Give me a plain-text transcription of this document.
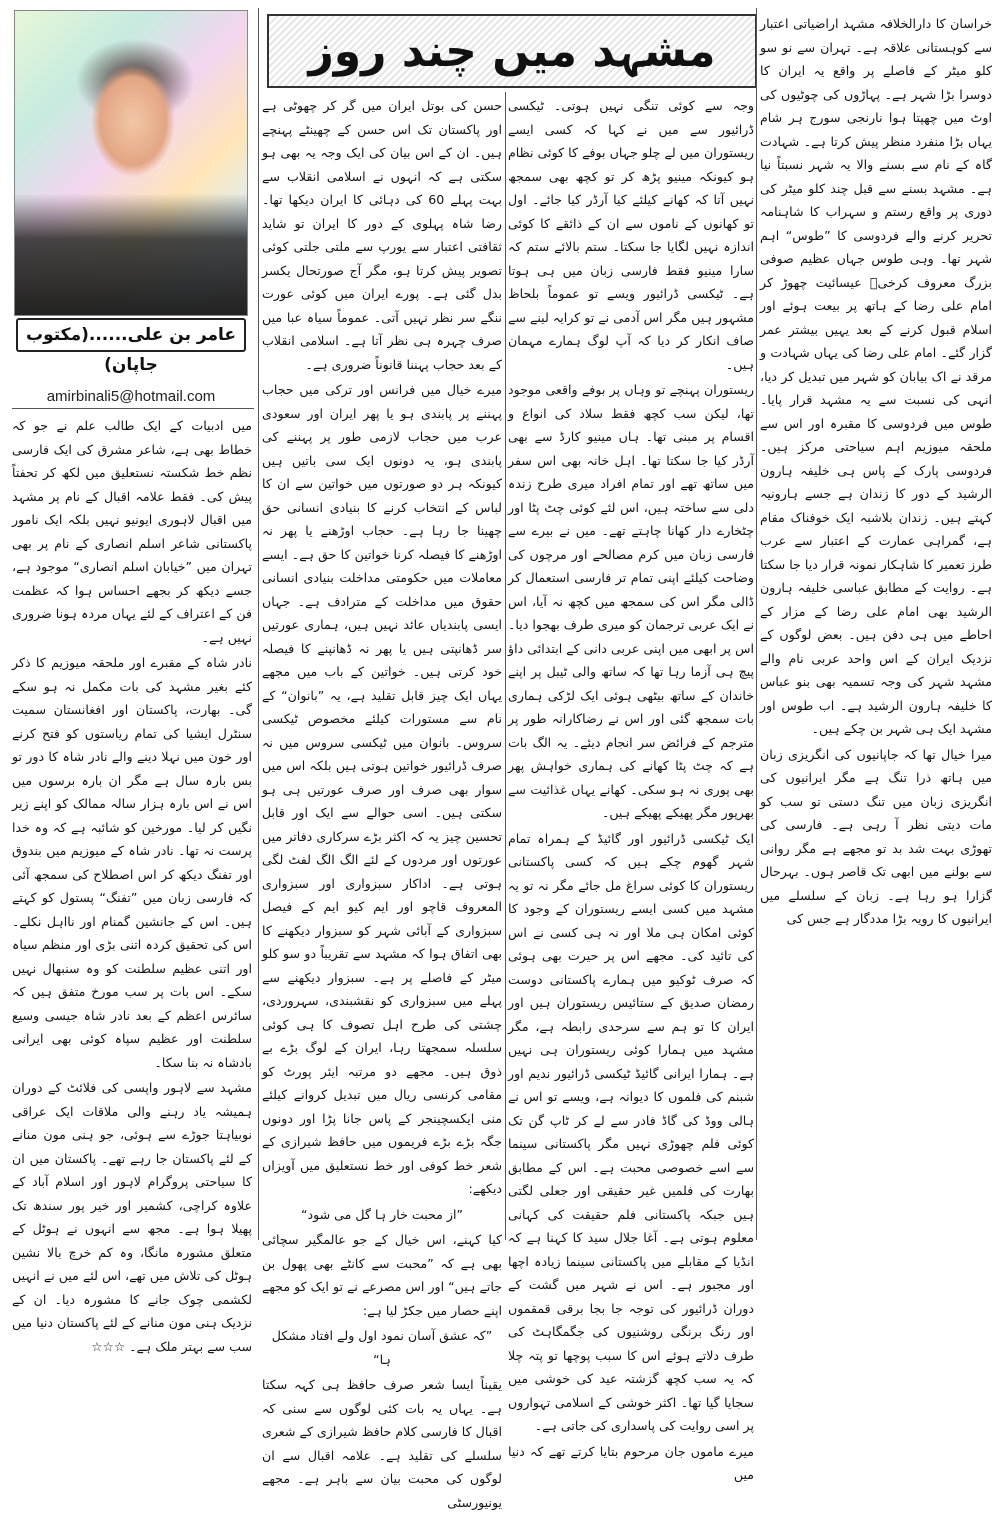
مشہد میں چند روز
عامر بن علی......(مکتوب جاپان)
amirbinali5@hotmail.com

خراسان کا دارالخلافہ مشہد اراضیاتی اعتبار سے کوہستانی علاقہ ہے۔ تہران سے نو سو کلو میٹر کے فاصلے پر واقع یہ ایران کا دوسرا بڑا شہر ہے۔ پہاڑوں کی چوٹیوں کی اوٹ میں چھپتا ہوا نارنجی سورج ہر شام یہاں بڑا منفرد منظر پیش کرتا ہے۔ شہادت گاہ کے نام سے بسنے والا یہ شہر نسبتاً نیا ہے۔ مشہد بسنے سے قبل چند کلو میٹر کی دوری پر واقع رستم و سہراب کا شاہنامہ تحریر کرنے والے فردوسی کا ”طوس“ اہم شہر تھا۔ وہی طوس جہاں عظیم صوفی بزرگ معروف کرخیؒ عیسائیت چھوڑ کر امام علی رضا کے ہاتھ پر بیعت ہوئے اور اسلام قبول کرنے کے بعد یہیں بیشتر عمر گزار گئے۔ امام علی رضا کی یہاں شہادت و مرقد نے اک بیابان کو شہر میں تبدیل کر دیا، انہی کی نسبت سے یہ مشہد قرار پایا۔ طوس میں فردوسی کا مقبرہ اور اس سے ملحقہ میوزیم اہم سیاحتی مرکز ہیں۔ فردوسی پارک کے پاس ہی خلیفہ ہارون الرشید کے دور کا زندان ہے جسے ہارونیہ کہتے ہیں۔ زندان بلاشبہ ایک خوفناک مقام ہے، گمراہی عمارت کے اعتبار سے عرب طرز تعمیر کا شاہکار نمونہ قرار دیا جا سکتا ہے۔ روایت کے مطابق عباسی خلیفہ ہارون الرشید بھی امام علی رضا کے مزار کے احاطے میں ہی دفن ہیں۔ بعض لوگوں کے نزدیک ایران کے اس واحد عربی نام والے مشہد شہر کی وجہ تسمیہ بھی بنو عباس کا خلیفہ ہارون الرشید ہے۔ اب طوس اور مشہد ایک ہی شہر بن چکے ہیں۔

میرا خیال تھا کہ جاپانیوں کی انگریزی زبان میں ہاتھ ذرا تنگ ہے مگر ایرانیوں کی انگریزی زبان میں تنگ دستی تو سب کو مات دیتی نظر آ رہی ہے۔ فارسی کی تھوڑی بہت شد بد تو مجھے ہے مگر روانی سے بولنے میں ابھی تک قاصر ہوں۔ بہرحال گزارا ہو رہا ہے۔ زبان کے سلسلے میں ایرانیوں کا رویہ بڑا مددگار ہے جس کی

وجہ سے کوئی تنگی نہیں ہوتی۔ ٹیکسی ڈرائیور سے میں نے کہا کہ کسی ایسے ریستوران میں لے چلو جہاں بوفے کا کوئی نظام ہو کیونکہ مینیو پڑھ کر تو کچھ بھی سمجھ نہیں آتا کہ کھانے کیلئے کیا آرڈر کیا جائے۔ اول تو کھانوں کے ناموں سے ان کے ذائقے کا کوئی اندازہ نہیں لگایا جا سکتا۔ ستم بالائے ستم کہ سارا مینیو فقط فارسی زبان میں ہی ہوتا ہے۔ ٹیکسی ڈرائیور ویسے تو عموماً بلحاظ مشہور ہیں مگر اس آدمی نے تو کرایہ لینے سے صاف انکار کر دیا کہ آپ لوگ ہمارے مہمان ہیں۔

ریستوران پہنچے تو وہاں پر بوفے واقعی موجود تھا، لیکن سب کچھ فقط سلاد کی انواع و اقسام پر مبنی تھا۔ ہاں مینیو کارڈ سے بھی آرڈر کیا جا سکتا تھا۔ اہل خانہ بھی اس سفر میں ساتھ تھے اور تمام افراد میری طرح زندہ دلی سے ساختہ ہیں، اس لئے کوئی چٹ پٹا اور چٹخارے دار کھانا چاہتے تھے۔ میں نے بیرے سے فارسی زبان میں کرم مصالحے اور مرچوں کی وضاحت کیلئے اپنی تمام تر فارسی استعمال کر ڈالی مگر اس کی سمجھ میں کچھ نہ آیا، اس نے ایک عربی ترجمان کو میری طرف بھجوا دیا۔ اس پر ابھی میں اپنی عربی دانی کے ابتدائی داؤ پیچ ہی آزما رہا تھا کہ ساتھ والی ٹیبل پر اپنے خاندان کے ساتھ بیٹھی ہوئی ایک لڑکی ہماری بات سمجھ گئی اور اس نے رضاکارانہ طور پر مترجم کے فرائض سر انجام دیئے۔ یہ الگ بات ہے کہ چٹ پٹا کھانے کی ہماری خواہش پھر بھی پوری نہ ہو سکی۔ کھانے یہاں غذائیت سے بھرپور مگر پھیکے پھیکے ہیں۔

ایک ٹیکسی ڈرائیور اور گائیڈ کے ہمراہ تمام شہر گھوم چکے ہیں کہ کسی پاکستانی ریستوران کا کوئی سراغ مل جائے مگر نہ تو یہ مشہد میں کسی ایسے ریستوران کے وجود کا کوئی امکان ہی ملا اور نہ ہی کسی نے اس کی تائید کی۔ مجھے اس پر حیرت بھی ہوئی کہ صرف ٹوکیو میں ہمارے پاکستانی دوست رمضان صدیق کے ستائیس ریستوران ہیں اور ایران کا تو ہم سے سرحدی رابطہ ہے، مگر مشہد میں ہمارا کوئی ریستوران ہی نہیں ہے۔ ہمارا ایرانی گائیڈ ٹیکسی ڈرائیور ندیم اور شبنم کی فلموں کا دیوانہ ہے، ویسے تو اس نے ہالی ووڈ کی گاڈ فادر سے لے کر ٹاپ گن تک کوئی فلم چھوڑی نہیں مگر پاکستانی سینما سے اسے خصوصی محبت ہے۔ اس کے مطابق بھارت کی فلمیں غیر حقیقی اور جعلی لگتی ہیں جبکہ پاکستانی فلم حقیقت کی کہانی معلوم ہوتی ہے۔ آغا جلال سید کا کہنا ہے کہ انڈیا کے مقابلے میں پاکستانی سینما زیادہ اچھا اور مجبور ہے۔ اس نے شہر میں گشت کے دوران ڈرائیور کی توجہ جا بجا برقی قمقموں اور رنگ برنگی روشنیوں کی جگمگاہٹ کی طرف دلاتے ہوئے اس کا سبب پوچھا تو پتہ چلا کہ یہ سب کچھ گزشتہ عید کی خوشی میں سجایا گیا تھا۔ اکثر خوشی کے اسلامی تہواروں پر اسی روایت کی پاسداری کی جاتی ہے۔

میرے ماموں جان مرحوم بتایا کرتے تھے کہ دنیا میں

حسن کی بوتل ایران میں گر کر چھوٹی ہے اور پاکستان تک اس حسن کے چھینٹے پہنچے ہیں۔ ان کے اس بیان کی ایک وجہ یہ بھی ہو سکتی ہے کہ انہوں نے اسلامی انقلاب سے بہت پہلے 60 کی دہائی کا ایران دیکھا تھا۔ رضا شاہ پہلوی کے دور کا ایران تو شاید ثقافتی اعتبار سے یورپ سے ملتی جلتی کوئی تصویر پیش کرتا ہو، مگر آج صورتحال یکسر بدل گئی ہے۔ پورے ایران میں کوئی عورت ننگے سر نظر نہیں آتی۔ عموماً سیاہ عبا میں صرف چہرہ ہی نظر آتا ہے۔ اسلامی انقلاب کے بعد حجاب پہننا قانوناً ضروری ہے۔

میرے خیال میں فرانس اور ترکی میں حجاب پہننے پر پابندی ہو یا پھر ایران اور سعودی عرب میں حجاب لازمی طور پر پہننے کی پابندی ہو، یہ دونوں ایک سی باتیں ہیں کیونکہ ہر دو صورتوں میں خواتین سے ان کا لباس کے انتخاب کرنے کا بنیادی انسانی حق چھینا جا رہا ہے۔ حجاب اوڑھنے یا پھر نہ اوڑھنے کا فیصلہ کرنا خواتین کا حق ہے۔ ایسے معاملات میں حکومتی مداخلت بنیادی انسانی حقوق میں مداخلت کے مترادف ہے۔ جہاں ایسی پابندیاں عائد نہیں ہیں، ہماری عورتیں سر ڈھانپتی ہیں یا پھر نہ ڈھانپنے کا فیصلہ خود کرتی ہیں۔ خواتین کے باب میں مجھے یہاں ایک چیز قابل تقلید ہے، یہ ”بانوان“ کے نام سے مستورات کیلئے مخصوص ٹیکسی سروس۔ بانوان میں ٹیکسی سروس میں نہ صرف ڈرائیور خواتین ہوتی ہیں بلکہ اس میں سوار بھی صرف اور صرف عورتیں ہی ہو سکتی ہیں۔ اسی حوالے سے ایک اور قابل تحسین چیز یہ کہ اکثر بڑے سرکاری دفاتر میں عورتوں اور مردوں کے لئے الگ الگ لفٹ لگی ہوتی ہے۔ اداکار سبزواری اور سبزواری المعروف قاچو اور ایم کیو ایم کے فیصل سبزواری کے آبائی شہر کو سبزوار دیکھنے کا بھی اتفاق ہوا کہ مشہد سے تقریباً دو سو کلو میٹر کے فاصلے پر ہے۔ سبزوار دیکھنے سے پہلے میں سبزواری کو نقشبندی، سہروردی، چشتی کی طرح اہل تصوف کا ہی کوئی سلسلہ سمجھتا رہا، ایران کے لوگ بڑے بے ذوق ہیں۔ مجھے دو مرتبہ ایئر پورٹ کو مقامی کرنسی ریال میں تبدیل کروانے کیلئے منی ایکسچینجر کے پاس جانا پڑا اور دونوں جگہ بڑے بڑے فریموں میں حافظ شیرازی کے شعر خط کوفی اور خط نستعلیق میں آویزاں دیکھے:

”از محبت خار ہا گل می شود“

کیا کہنے، اس خیال کے جو عالمگیر سچائی بھی ہے کہ ”محبت سے کانٹے بھی پھول بن جاتے ہیں“ اور اس مصرعے نے تو ایک کو مجھے اپنے حصار میں جکڑ لیا ہے:

”کہ عشق آسان نمود اول ولے افتاد مشکل ہا“

یقیناً ایسا شعر صرف حافظ ہی کہہ سکتا ہے۔ یہاں یہ بات کئی لوگوں سے سنی کہ اقبال کا فارسی کلام حافظ شیرازی کے شعری سلسلے کی تقلید ہے۔ علامہ اقبال سے ان لوگوں کی محبت بیان سے باہر ہے۔ مجھے یونیورسٹی

میں ادبیات کے ایک طالب علم نے جو کہ خطاط بھی ہے، شاعر مشرق کی ایک فارسی نظم خط شکستہ نستعلیق میں لکھ کر تحفتاً پیش کی۔ فقط علامہ اقبال کے نام پر مشہد میں اقبال لاہوری ایونیو نہیں بلکہ ایک نامور پاکستانی شاعر اسلم انصاری کے نام پر بھی تہران میں ”خیابان اسلم انصاری“ موجود ہے، جسے دیکھ کر بجھے احساس ہوا کہ عظمت فن کے اعتراف کے لئے یہاں مردہ ہونا ضروری نہیں ہے۔

نادر شاہ کے مقبرے اور ملحقہ میوزیم کا ذکر کئے بغیر مشہد کی بات مکمل نہ ہو سکے گی۔ بھارت، پاکستان اور افغانستان سمیت سنٹرل ایشیا کی تمام ریاستوں کو فتح کرنے اور خون میں نہلا دینے والے نادر شاہ کا دور تو بس بارہ سال ہے مگر ان بارہ برسوں میں اس نے اس بارہ ہزار سالہ ممالک کو اپنے زیر نگیں کر لیا۔ مورخین کو شائبہ ہے کہ وہ خدا پرست نہ تھا۔ نادر شاہ کے میوزیم میں بندوق اور تفنگ دیکھ کر اس اصطلاح کی سمجھ آئی کہ فارسی زبان میں ”تفنگ“ پستول کو کہتے ہیں۔ اس کے جانشین گمنام اور نااہل نکلے۔ اس کی تحقیق کردہ اتنی بڑی اور منظم سیاہ اور اتنی عظیم سلطنت کو وہ سنبھال نہیں سکے۔ اس بات پر سب مورخ متفق ہیں کہ سائرس اعظم کے بعد نادر شاہ جیسی وسیع سلطنت اور عظیم سپاہ کوئی بھی ایرانی بادشاہ نہ بنا سکا۔

مشہد سے لاہور واپسی کی فلائٹ کے دوران ہمیشہ یاد رہنے والی ملاقات ایک عراقی نوبیاہتا جوڑے سے ہوئی، جو ہنی مون منانے کے لئے پاکستان جا رہے تھے۔ پاکستان میں ان کا سیاحتی پروگرام لاہور اور اسلام آباد کے علاوہ کراچی، کشمیر اور خیر پور سندھ تک پھیلا ہوا ہے۔ مجھ سے انہوں نے ہوٹل کے متعلق مشورہ مانگا، وہ کم خرچ بالا نشین ہوٹل کی تلاش میں تھے، اس لئے میں نے انہیں لکشمی چوک جانے کا مشورہ دیا۔ ان کے نزدیک ہنی مون منانے کے لئے پاکستان دنیا میں سب سے بہتر ملک ہے۔ ☆☆☆
